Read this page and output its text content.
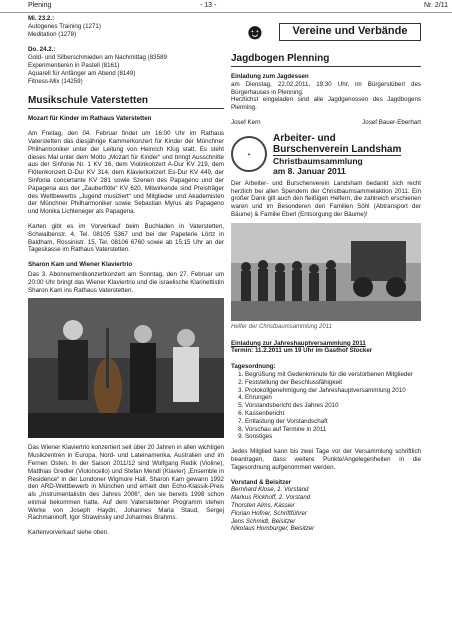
Plening	- 13 -	Nr. 2/11
Mi. 23.2.:
Autogenes Training (1271)
Meditation (1278)
Do. 24.2.:
Gold- und Silberschmieden am Nachmittag (83589
Experimentieren in Pastell (8161)
Aquarell für Anfänger am Abend (8149)
Fitness-Mix (14259)
Musikschule Vaterstetten

Mozart für Kinder im Rathaus Vaterstetten

Am Freitag, den 04. Februar findet um 16:00 Uhr im Rathaus Vaterstetten das diesjährige Kammerkonzert für Kinder der Münchner Philharmoniker unter der Leitung von Heinrich Klug statt. Es steht dieses Mal unter dem Motto „Mozart für Kinder“ und bringt Ausschnitte aus der Sinfonie Nr. 1 KV 16, dem Violinkonzert A-Dur KV 219, dem Flötenkonzert D-Dur KV 314, dem Klavierkonzert Es-Dur KV 449, der Sinfonia concertante KV 281 sowie Szenen des Papageno und der Papagena aus der „Zauberflöte“ KV 620. Mitwirkende sind Preisträger des Wettbewerbs „Jugend musiziert“ und Mitglieder und Akademisten der Münchner Philharmoniker sowie Sebastian Myrus als Papageno und Monika Lichteneger als Papagena.

Karten gibt es im Vorverkauf beim Buchladen in Vaterstetten, Schwalbenstr. 4, Tel. 08105 5367 und bei der Papeterie Lörtz in Baldham, Rossinistr. 15, Tel. 08106 6760 sowie ab 15:15 Uhr an der Tageskasse im Rathaus Vaterstetten.

Sharon Kam und Wiener Klaviertrio

Das 3. Abonnementkonzertkonzert am Sonntag, den 27. Februar um 20:00 Uhr bringt das Wiener Klaviertrio und die israelische Klarinettistin Sharon Kam ins Rathaus Vaterstetten.

Das Wiener Klaviertrio konzertiert seit über 20 Jahren in allen wichtigen Musikzentren in Europa, Nord- und Lateinamerika, Australien und im Fernen Osten. In der Saison 2011/12 sind Wolfgang Redik (Violine), Matthias Gredler (Violoncello) und Stefan Mendl (Klavier) „Ensemble in Residence“ in der Londoner Wigmore Hall. Sharon Kam gewann 1992 den ARD-Wettbewerb in München und erhielt den Echo-Klassik-Preis als „Instrumentalistin des Jahres 2006“, den sie bereits 1998 schon einmal bekommen hatte. Auf dem Vaterstettener Programm stehen Werke von Joseph Haydn, Johannes Maria Staud, Sergej Rachmaninoff, Igor Strawinsky und Johannes Brahms.

Kartenvorverkauf siehe oben.

☻	Vereine und Verbände
Jagdbogen Plenning
Einladung zum Jagdessen
am Dienstag, 22.02.2011, 19:30 Uhr, im Bürgerstüberl des Bürgerhauses in Plenning.
Herzlichst eingeladen sind alle Jagdgenossen des Jagdbogens Plenning.
Josef Kern	Josef Bauer-Eberhart
✦
Arbeiter- und
Burschenverein Landsham
Christbaumsammlung
am 8. Januar 2011

Der Arbeiter- und Burschenverein Landsham bedankt sich recht herzlich bei allen Spendern der Christbaumsammelaktion 2011. Ein großer Dank gilt auch den fleißigen Helfern, die zahlreich erschienen waren und im Besonderen den Familien Söhl (Abtransport der Bäume) & Familie Eberl (Entsorgung der Bäume)!

Helfer der Christbaumsammlung 2011
Einladung zur Jahreshauptversammlung 2011
Termin: 11.2.2011 um 19 Uhr im Gasthof Stocker
Tagesordnung:
1. Begrüßung mit Gedenkminute für die verstorbenen Mitglieder
2. Feststellung der Beschlussfähigkeit
3. Protokollgenehmigung der Jahreshauptversammlung 2010
4. Ehrungen
5. Vorstandsbericht des Jahres 2010
6. Kassenbericht
7. Entlastung der Vorstandschaft
8. Vorschau auf Termine in 2011
9. Sonstiges

Jedes Mitglied kann bis zwei Tage vor der Versammlung schriftlich beantragen, dass weitere Punkte/Angelegenheiten in die Tagesordnung aufgenommen werden.

Vorstand & Beisitzer
Bernhard Klose, 1. Vorstand
Markus Rickhoff, 2. Vorstand
Thorsten Alms, Kassier
Florian Hofner, Schriftführer
Jens Schmidt, Beisitzer
Nikolaus Homburger, Beisitzer
